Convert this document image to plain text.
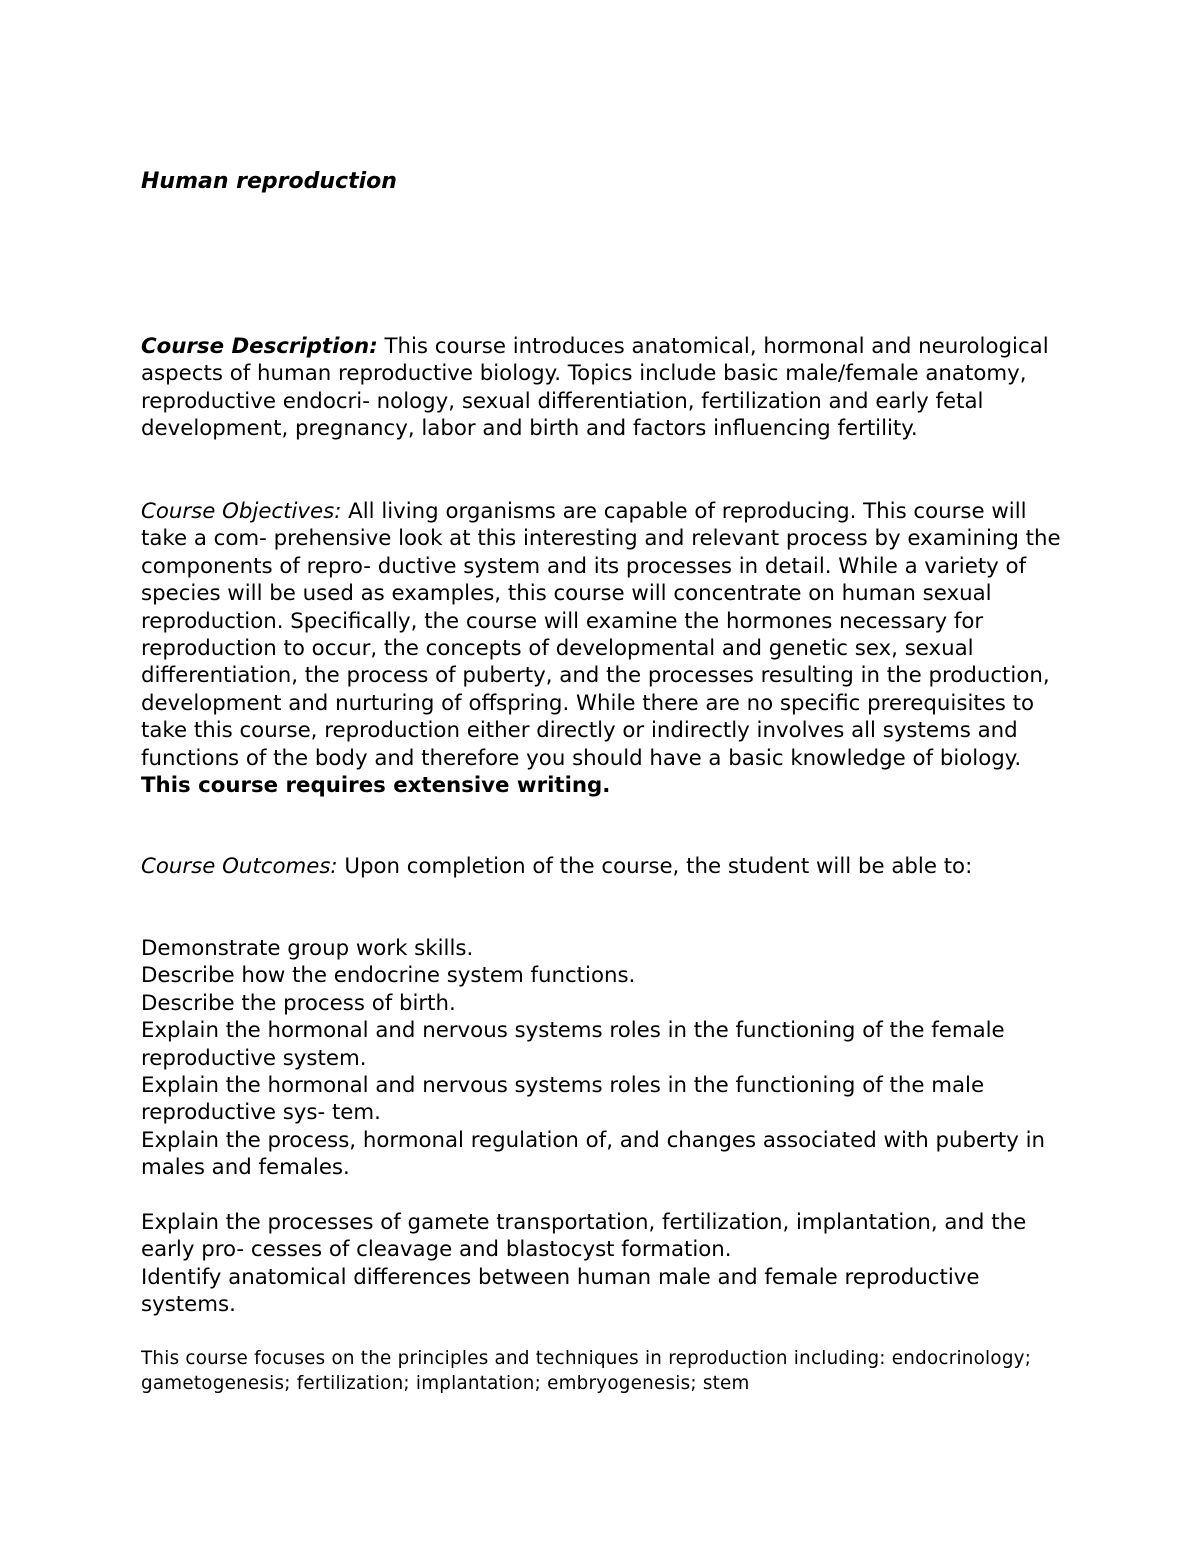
Human reproduction

Course Description: This course introduces anatomical, hormonal and neurological aspects of human reproductive biology. Topics include basic male/female anatomy, reproductive endocri- nology, sexual differentiation, fertilization and early fetal development, pregnancy, labor and birth and factors influencing fertility.

Course Objectives: All living organisms are capable of reproducing. This course will take a com- prehensive look at this interesting and relevant process by examining the components of repro- ductive system and its processes in detail. While a variety of species will be used as examples, this course will concentrate on human sexual reproduction. Specifically, the course will examine the hormones necessary for reproduction to occur, the concepts of developmental and genetic sex, sexual differentiation, the process of puberty, and the processes resulting in the production, development and nurturing of offspring. While there are no specific prerequisites to take this course, reproduction either directly or indirectly involves all systems and functions of the body and therefore you should have a basic knowledge of biology. This course requires extensive writing.

Course Outcomes: Upon completion of the course, the student will be able to:

Demonstrate group work skills.
Describe how the endocrine system functions.
Describe the process of birth.
Explain the hormonal and nervous systems roles in the functioning of the female reproductive system.
Explain the hormonal and nervous systems roles in the functioning of the male reproductive sys- tem.
Explain the process, hormonal regulation of, and changes associated with puberty in males and females.
Explain the processes of gamete transportation, fertilization, implantation, and the early pro- cesses of cleavage and blastocyst formation.
Identify anatomical differences between human male and female reproductive systems.

This course focuses on the principles and techniques in reproduction including: endocrinology; gametogenesis; fertilization; implantation; embryogenesis; stem
